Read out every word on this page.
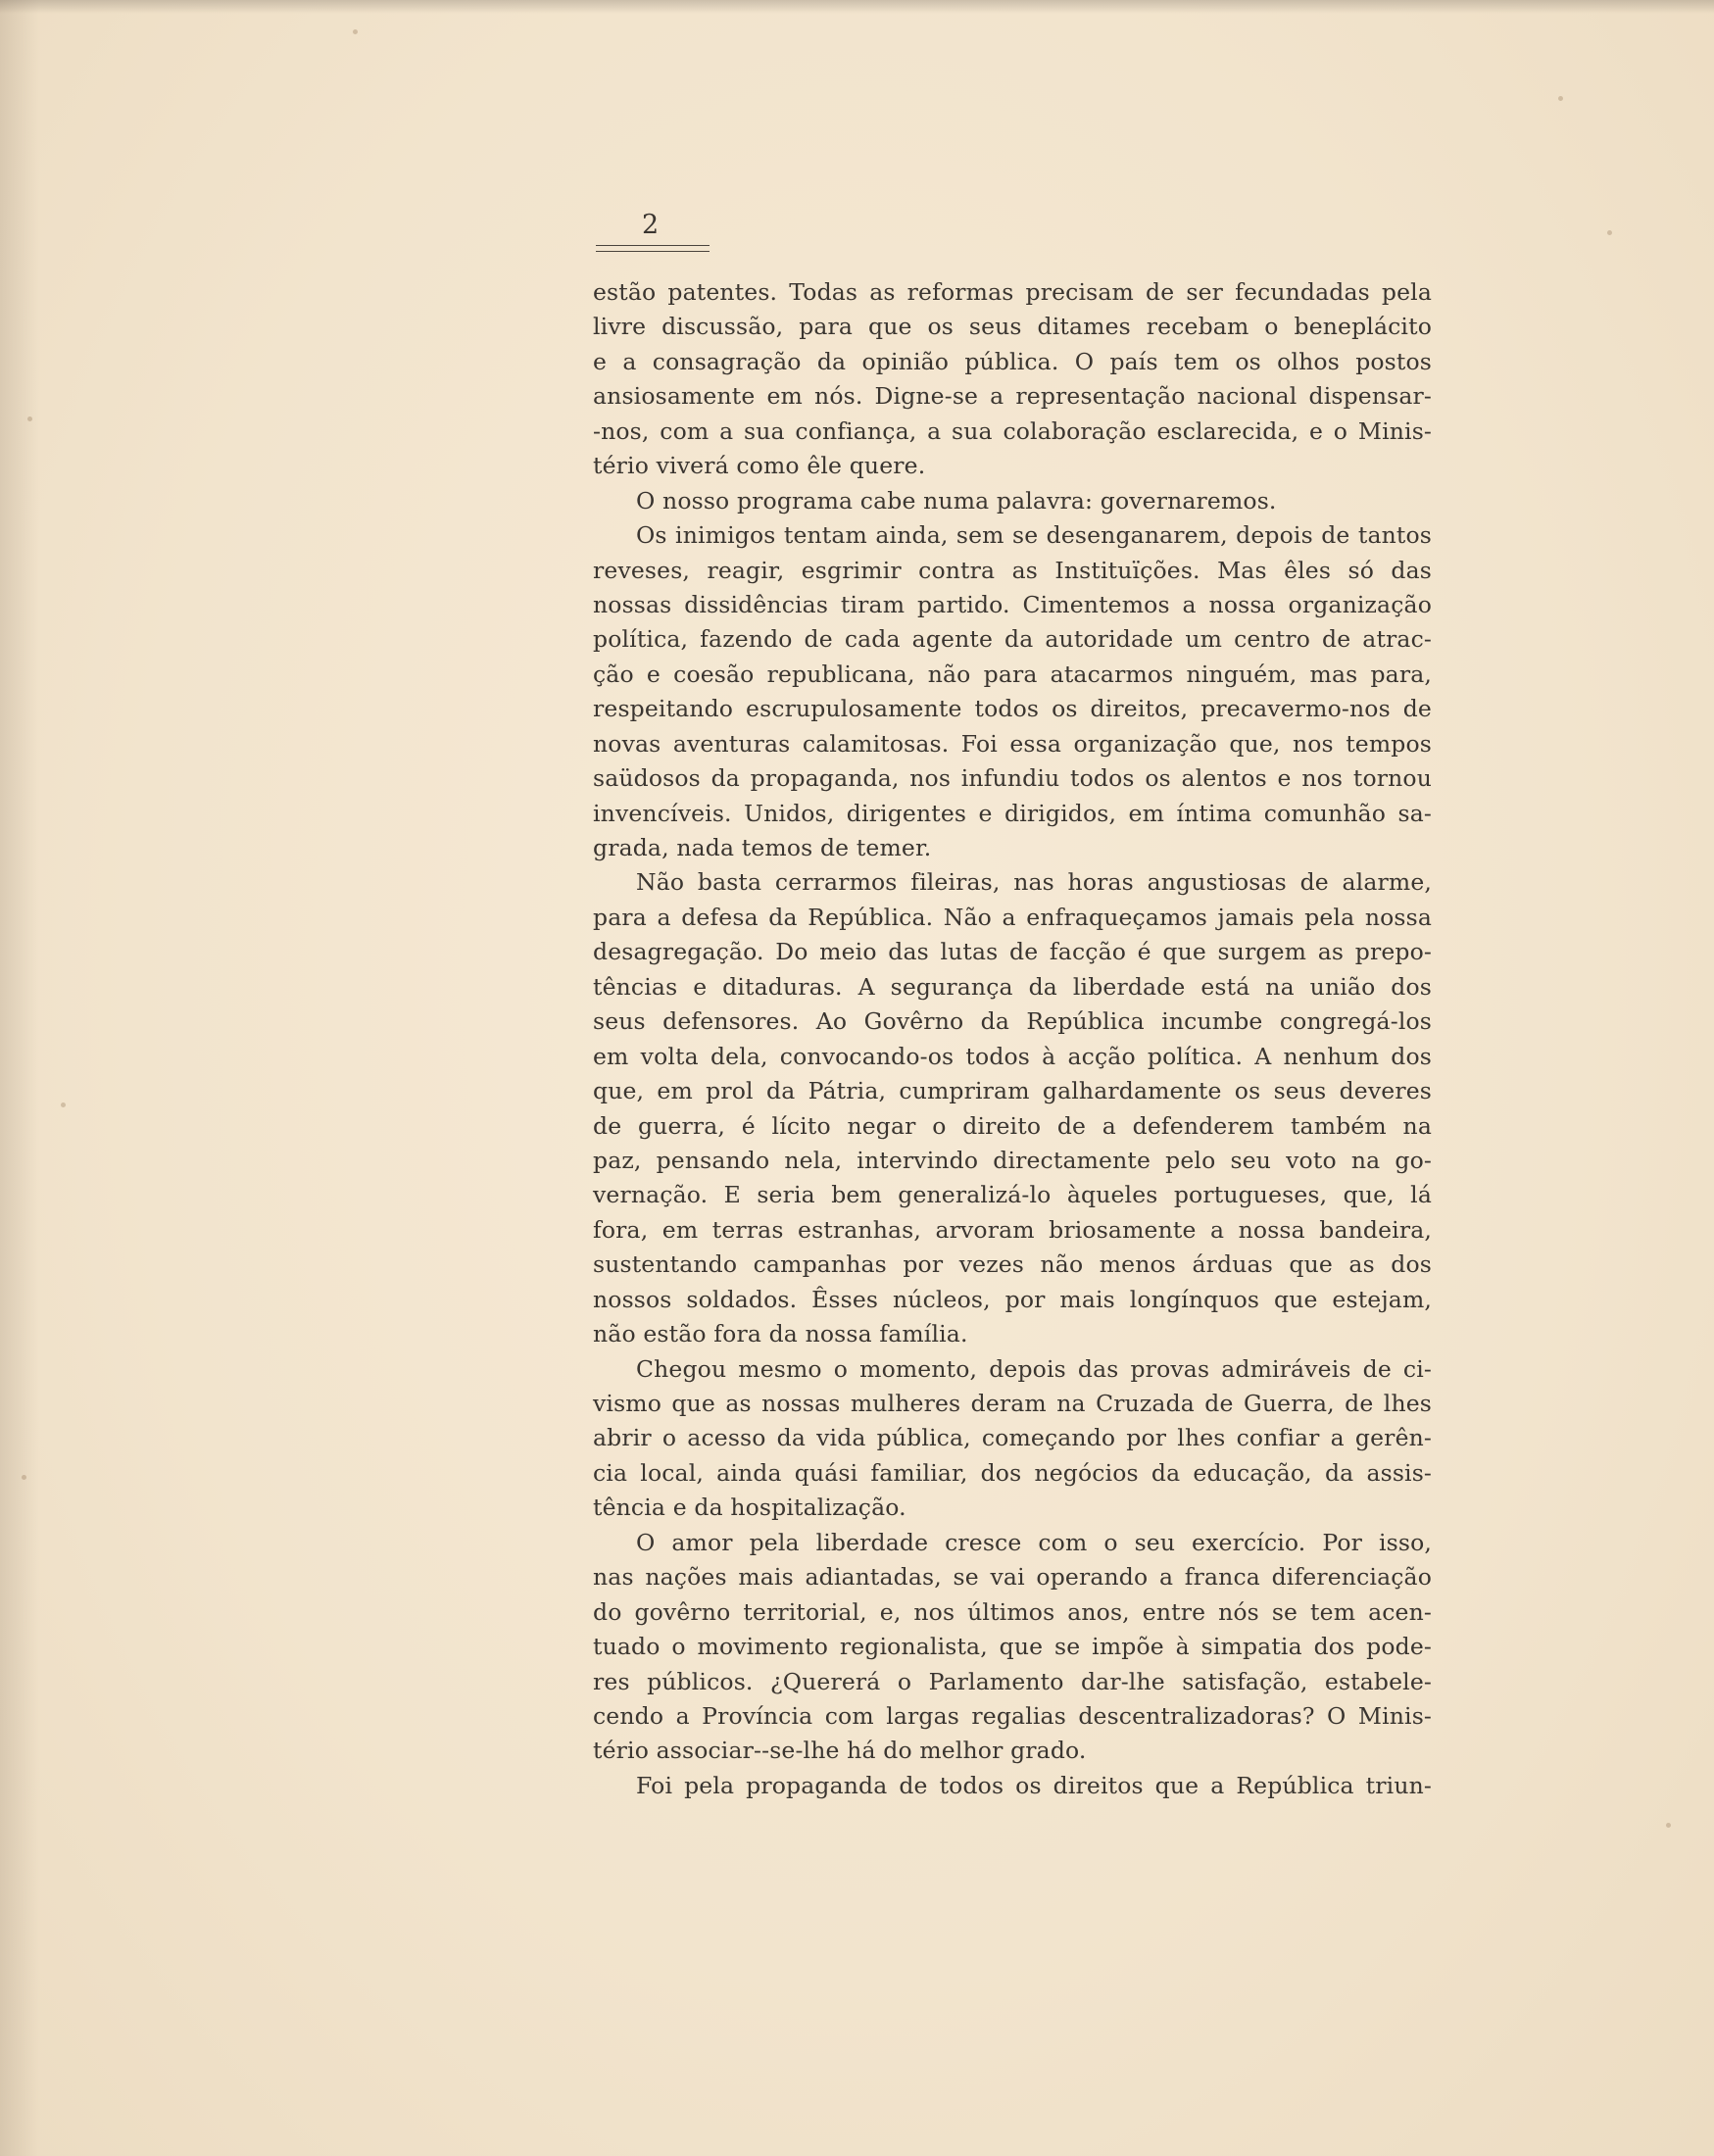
2
estão patentes. Todas as reformas precisam de ser fecundadas pela
livre discussão, para que os seus ditames recebam o beneplácito
e a consagração da opinião pública. O país tem os olhos postos
ansiosamente em nós. Digne-se a representação nacional dispensar-
-nos, com a sua confiança, a sua colaboração esclarecida, e o Minis-
tério viverá como êle quere.
O nosso programa cabe numa palavra: governaremos.
Os inimigos tentam ainda, sem se desenganarem, depois de tantos
reveses, reagir, esgrimir contra as Instituïções. Mas êles só das
nossas dissidências tiram partido. Cimentemos a nossa organização
política, fazendo de cada agente da autoridade um centro de atrac-
ção e coesão republicana, não para atacarmos ninguém, mas para,
respeitando escrupulosamente todos os direitos, precavermo-nos de
novas aventuras calamitosas. Foi essa organização que, nos tempos
saüdosos da propaganda, nos infundiu todos os alentos e nos tornou
invencíveis. Unidos, dirigentes e dirigidos, em íntima comunhão sa-
grada, nada temos de temer.
Não basta cerrarmos fileiras, nas horas angustiosas de alarme,
para a defesa da República. Não a enfraqueçamos jamais pela nossa
desagregação. Do meio das lutas de facção é que surgem as prepo-
tências e ditaduras. A segurança da liberdade está na união dos
seus defensores. Ao Govêrno da República incumbe congregá-los
em volta dela, convocando-os todos à acção política. A nenhum dos
que, em prol da Pátria, cumpriram galhardamente os seus deveres
de guerra, é lícito negar o direito de a defenderem também na
paz, pensando nela, intervindo directamente pelo seu voto na go-
vernação. E seria bem generalizá-lo àqueles portugueses, que, lá
fora, em terras estranhas, arvoram briosamente a nossa bandeira,
sustentando campanhas por vezes não menos árduas que as dos
nossos soldados. Êsses núcleos, por mais longínquos que estejam,
não estão fora da nossa família.
Chegou mesmo o momento, depois das provas admiráveis de ci-
vismo que as nossas mulheres deram na Cruzada de Guerra, de lhes
abrir o acesso da vida pública, começando por lhes confiar a gerên-
cia local, ainda quási familiar, dos negócios da educação, da assis-
tência e da hospitalização.
O amor pela liberdade cresce com o seu exercício. Por isso,
nas nações mais adiantadas, se vai operando a franca diferenciação
do govêrno territorial, e, nos últimos anos, entre nós se tem acen-
tuado o movimento regionalista, que se impõe à simpatia dos pode-
res públicos. ¿Quererá o Parlamento dar-lhe satisfação, estabele-
cendo a Província com largas regalias descentralizadoras? O Minis-
tério associar--se-lhe há do melhor grado.
Foi pela propaganda de todos os direitos que a República triun-
